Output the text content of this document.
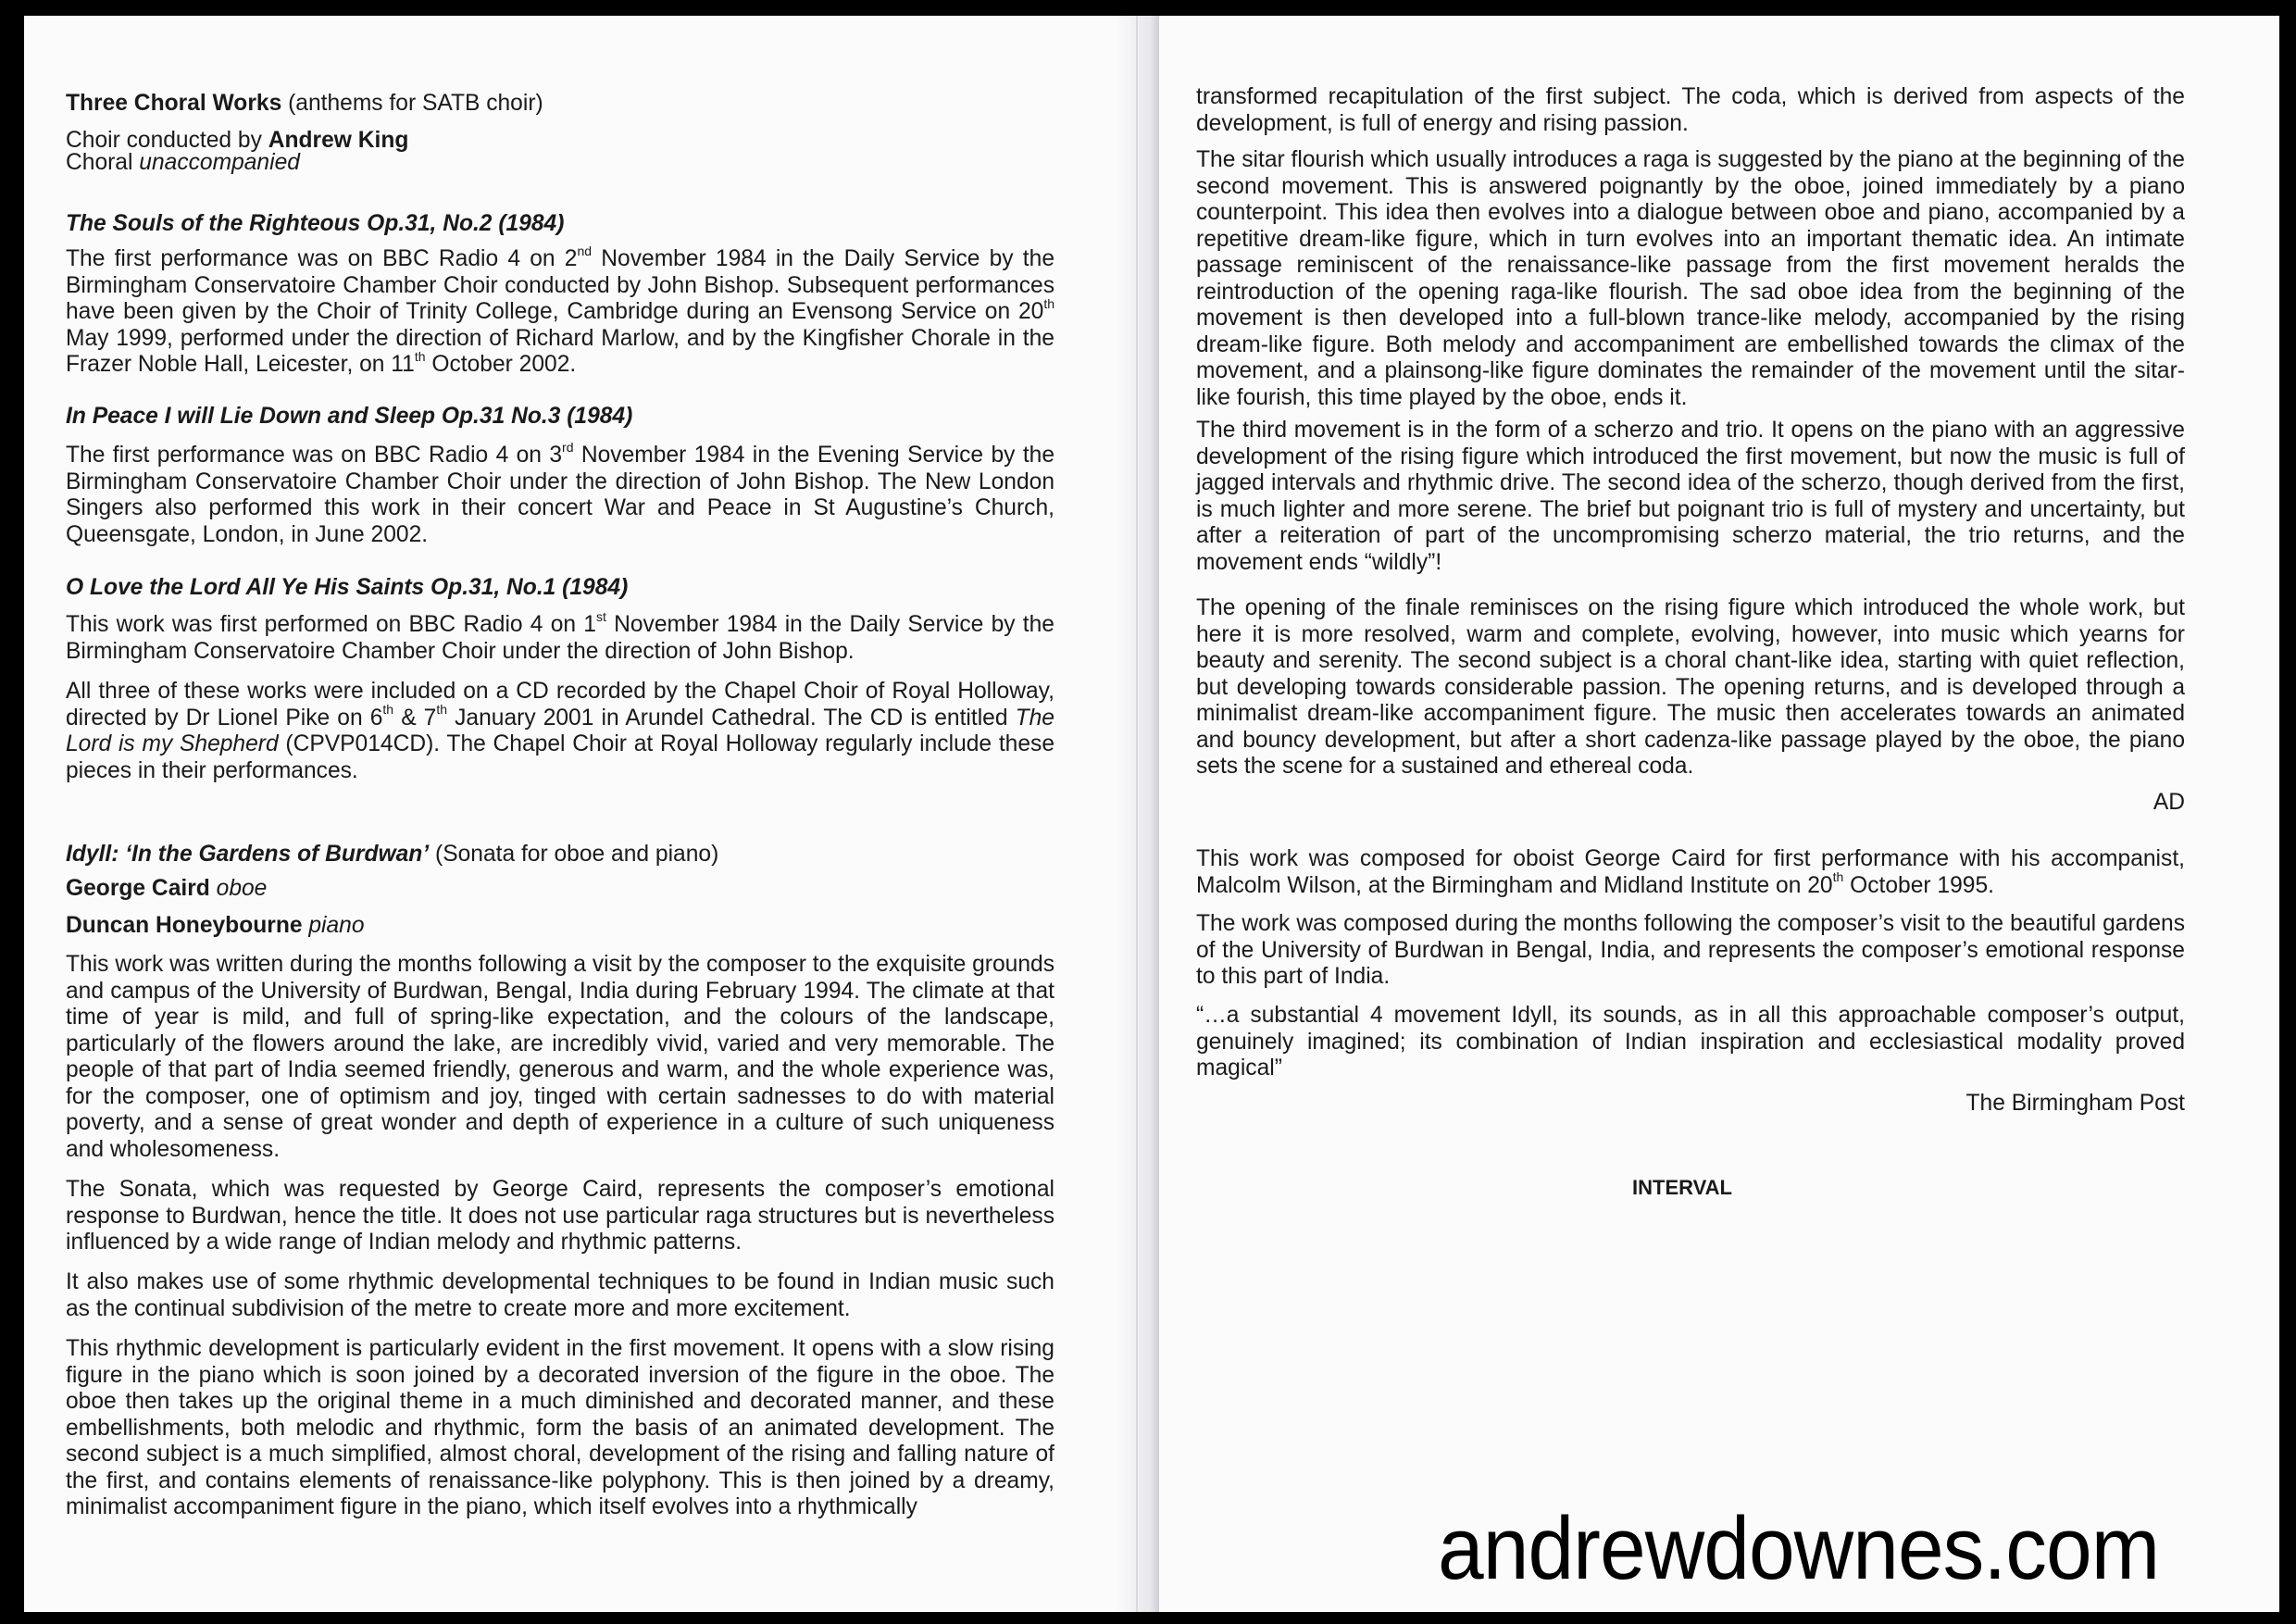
Three Choral Works (anthems for SATB choir)

Choir conducted by Andrew King

Choral unaccompanied

The Souls of the Righteous Op.31, No.2 (1984)

The first performance was on BBC Radio 4 on 2nd November 1984 in the Daily Service by the Birmingham Conservatoire Chamber Choir conducted by John Bishop. Subsequent performances have been given by the Choir of Trinity College, Cambridge during an Evensong Service on 20th May 1999, performed under the direction of Richard Marlow, and by the Kingfisher Chorale in the Frazer Noble Hall, Leicester, on 11th October 2002.

In Peace I will Lie Down and Sleep Op.31 No.3 (1984)

The first performance was on BBC Radio 4 on 3rd November 1984 in the Evening Service by the Birmingham Conservatoire Chamber Choir under the direction of John Bishop. The New London Singers also performed this work in their concert War and Peace in St Augustine’s Church, Queensgate, London, in June 2002.

O Love the Lord All Ye His Saints Op.31, No.1 (1984)

This work was first performed on BBC Radio 4 on 1st November 1984 in the Daily Service by the Birmingham Conservatoire Chamber Choir under the direction of John Bishop.

All three of these works were included on a CD recorded by the Chapel Choir of Royal Holloway, directed by Dr Lionel Pike on 6th & 7th January 2001 in Arundel Cathedral. The CD is entitled The Lord is my Shepherd (CPVP014CD). The Chapel Choir at Royal Holloway regularly include these pieces in their performances.

Idyll: ‘In the Gardens of Burdwan’ (Sonata for oboe and piano)

George Caird oboe

Duncan Honeybourne piano

This work was written during the months following a visit by the composer to the exquisite grounds and campus of the University of Burdwan, Bengal, India during February 1994. The climate at that time of year is mild, and full of spring-like expectation, and the colours of the landscape, particularly of the flowers around the lake, are incredibly vivid, varied and very memorable. The people of that part of India seemed friendly, generous and warm, and the whole experience was, for the composer, one of optimism and joy, tinged with certain sadnesses to do with material poverty, and a sense of great wonder and depth of experience in a culture of such uniqueness and wholesomeness.

The Sonata, which was requested by George Caird, represents the composer’s emotional response to Burdwan, hence the title. It does not use particular raga structures but is nevertheless influenced by a wide range of Indian melody and rhythmic patterns.

It also makes use of some rhythmic developmental techniques to be found in Indian music such as the continual subdivision of the metre to create more and more excitement.

This rhythmic development is particularly evident in the first movement. It opens with a slow rising figure in the piano which is soon joined by a decorated inversion of the figure in the oboe. The oboe then takes up the original theme in a much diminished and decorated manner, and these embellishments, both melodic and rhythmic, form the basis of an animated development. The second subject is a much simplified, almost choral, development of the rising and falling nature of the first, and contains elements of renaissance-like polyphony. This is then joined by a dreamy, minimalist accompaniment figure in the piano, which itself evolves into a rhythmically

transformed recapitulation of the first subject. The coda, which is derived from aspects of the development, is full of energy and rising passion.

The sitar flourish which usually introduces a raga is suggested by the piano at the beginning of the second movement. This is answered poignantly by the oboe, joined immediately by a piano counterpoint. This idea then evolves into a dialogue between oboe and piano, accompanied by a repetitive dream-like figure, which in turn evolves into an important thematic idea. An intimate passage reminiscent of the renaissance-like passage from the first movement heralds the reintroduction of the opening raga-like flourish. The sad oboe idea from the beginning of the movement is then developed into a full-blown trance-like melody, accompanied by the rising dream-like figure. Both melody and accompaniment are embellished towards the climax of the movement, and a plainsong-like figure dominates the remainder of the movement until the sitar-like fourish, this time played by the oboe, ends it.

The third movement is in the form of a scherzo and trio. It opens on the piano with an aggressive development of the rising figure which introduced the first movement, but now the music is full of jagged intervals and rhythmic drive. The second idea of the scherzo, though derived from the first, is much lighter and more serene. The brief but poignant trio is full of mystery and uncertainty, but after a reiteration of part of the uncompromising scherzo material, the trio returns, and the movement ends “wildly”!

The opening of the finale reminisces on the rising figure which introduced the whole work, but here it is more resolved, warm and complete, evolving, however, into music which yearns for beauty and serenity. The second subject is a choral chant-like idea, starting with quiet reflection, but developing towards considerable passion. The opening returns, and is developed through a minimalist dream-like accompaniment figure. The music then accelerates towards an animated and bouncy development, but after a short cadenza-like passage played by the oboe, the piano sets the scene for a sustained and ethereal coda.

AD

This work was composed for oboist George Caird for first performance with his accompanist, Malcolm Wilson, at the Birmingham and Midland Institute on 20th October 1995.

The work was composed during the months following the composer’s visit to the beautiful gardens of the University of Burdwan in Bengal, India, and represents the composer’s emotional response to this part of India.

“…a substantial 4 movement Idyll, its sounds, as in all this approachable composer’s output, genuinely imagined; its combination of Indian inspiration and ecclesiastical modality proved magical”

The Birmingham Post

INTERVAL
andrewdownes.com
